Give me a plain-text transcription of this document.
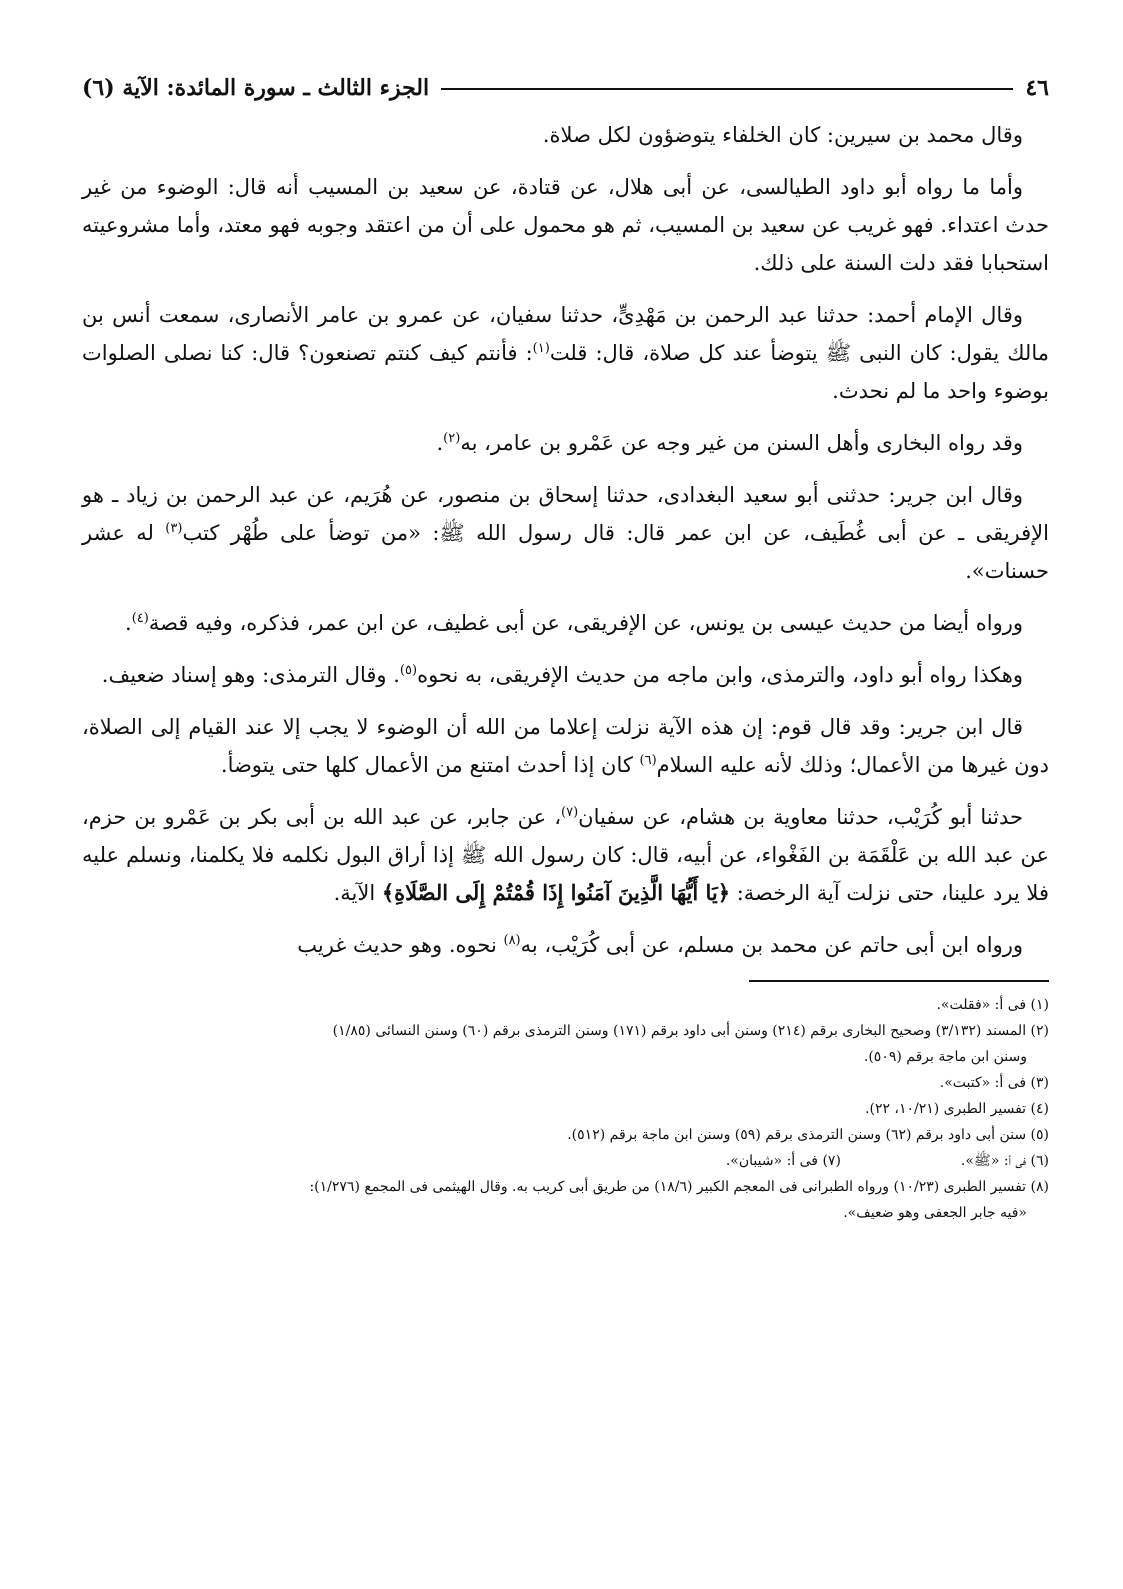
٤٦
الجزء الثالث ـ سورة المائدة: الآية (٦)

وقال محمد بن سيرين: كان الخلفاء يتوضؤون لكل صلاة.

وأما ما رواه أبو داود الطيالسى، عن أبى هلال، عن قتادة، عن سعيد بن المسيب أنه قال: الوضوء من غير حدث اعتداء. فهو غريب عن سعيد بن المسيب، ثم هو محمول على أن من اعتقد وجوبه فهو معتد، وأما مشروعيته استحبابا فقد دلت السنة على ذلك.

وقال الإمام أحمد: حدثنا عبد الرحمن بن مَهْدِىٍّ، حدثنا سفيان، عن عمرو بن عامر الأنصارى، سمعت أنس بن مالك يقول: كان النبى ﷺ يتوضأ عند كل صلاة، قال: قلت$^{(١)}$: فأنتم كيف كنتم تصنعون؟ قال: كنا نصلى الصلوات بوضوء واحد ما لم نحدث.

وقد رواه البخارى وأهل السنن من غير وجه عن عَمْرو بن عامر، به$^{(٢)}$.

وقال ابن جرير: حدثنى أبو سعيد البغدادى، حدثنا إسحاق بن منصور، عن هُرَيم، عن عبد الرحمن بن زياد ـ هو الإفريقى ـ عن أبى غُطَيف، عن ابن عمر قال: قال رسول الله ﷺ: «من توضأ على طُهْر كتب$^{(٣)}$ له عشر حسنات».

ورواه أيضا من حديث عيسى بن يونس، عن الإفريقى، عن أبى غطيف، عن ابن عمر، فذكره، وفيه قصة$^{(٤)}$.

وهكذا رواه أبو داود، والترمذى، وابن ماجه من حديث الإفريقى، به نحوه$^{(٥)}$. وقال الترمذى: وهو إسناد ضعيف.

قال ابن جرير: وقد قال قوم: إن هذه الآية نزلت إعلاما من الله أن الوضوء لا يجب إلا عند القيام إلى الصلاة، دون غيرها من الأعمال؛ وذلك لأنه عليه السلام$^{(٦)}$ كان إذا أحدث امتنع من الأعمال كلها حتى يتوضأ.

حدثنا أبو كُرَيْب، حدثنا معاوية بن هشام، عن سفيان$^{(٧)}$، عن جابر، عن عبد الله بن أبى بكر بن عَمْرو بن حزم، عن عبد الله بن عَلْقَمَة بن الفَغْواء، عن أبيه، قال: كان رسول الله ﷺ إذا أراق البول نكلمه فلا يكلمنا، ونسلم عليه فلا يرد علينا، حتى نزلت آية الرخصة: ﴿يَا أَيُّهَا الَّذِينَ آمَنُوا إِذَا قُمْتُمْ إِلَى الصَّلَاةِ﴾ الآية.

ورواه ابن أبى حاتم عن محمد بن مسلم، عن أبى كُرَيْب، به$^{(٨)}$ نحوه. وهو حديث غريب

(١) فى أ: «فقلت».
(٢) المسند (٣/١٣٢) وصحيح البخارى برقم (٢١٤) وسنن أبى داود برقم (١٧١) وسنن الترمذى برقم (٦٠) وسنن النسائى (١/٨٥)
وسنن ابن ماجة برقم (٥٠٩).
(٣) فى أ: «كتبت».
(٤) تفسير الطبرى (١٠/٢١، ٢٢).
(٥) سنن أبى داود برقم (٦٢) وسنن الترمذى برقم (٥٩) وسنن ابن ماجة برقم (٥١٢).
(٦) فى أ: «ﷺ».
(٧) فى أ: «شيبان».
(٨) تفسير الطبرى (١٠/٢٣) ورواه الطبرانى فى المعجم الكبير (١٨/٦) من طريق أبى كريب به. وقال الهيثمى فى المجمع (١/٢٧٦):
«فيه جابر الجعفى وهو ضعيف».
